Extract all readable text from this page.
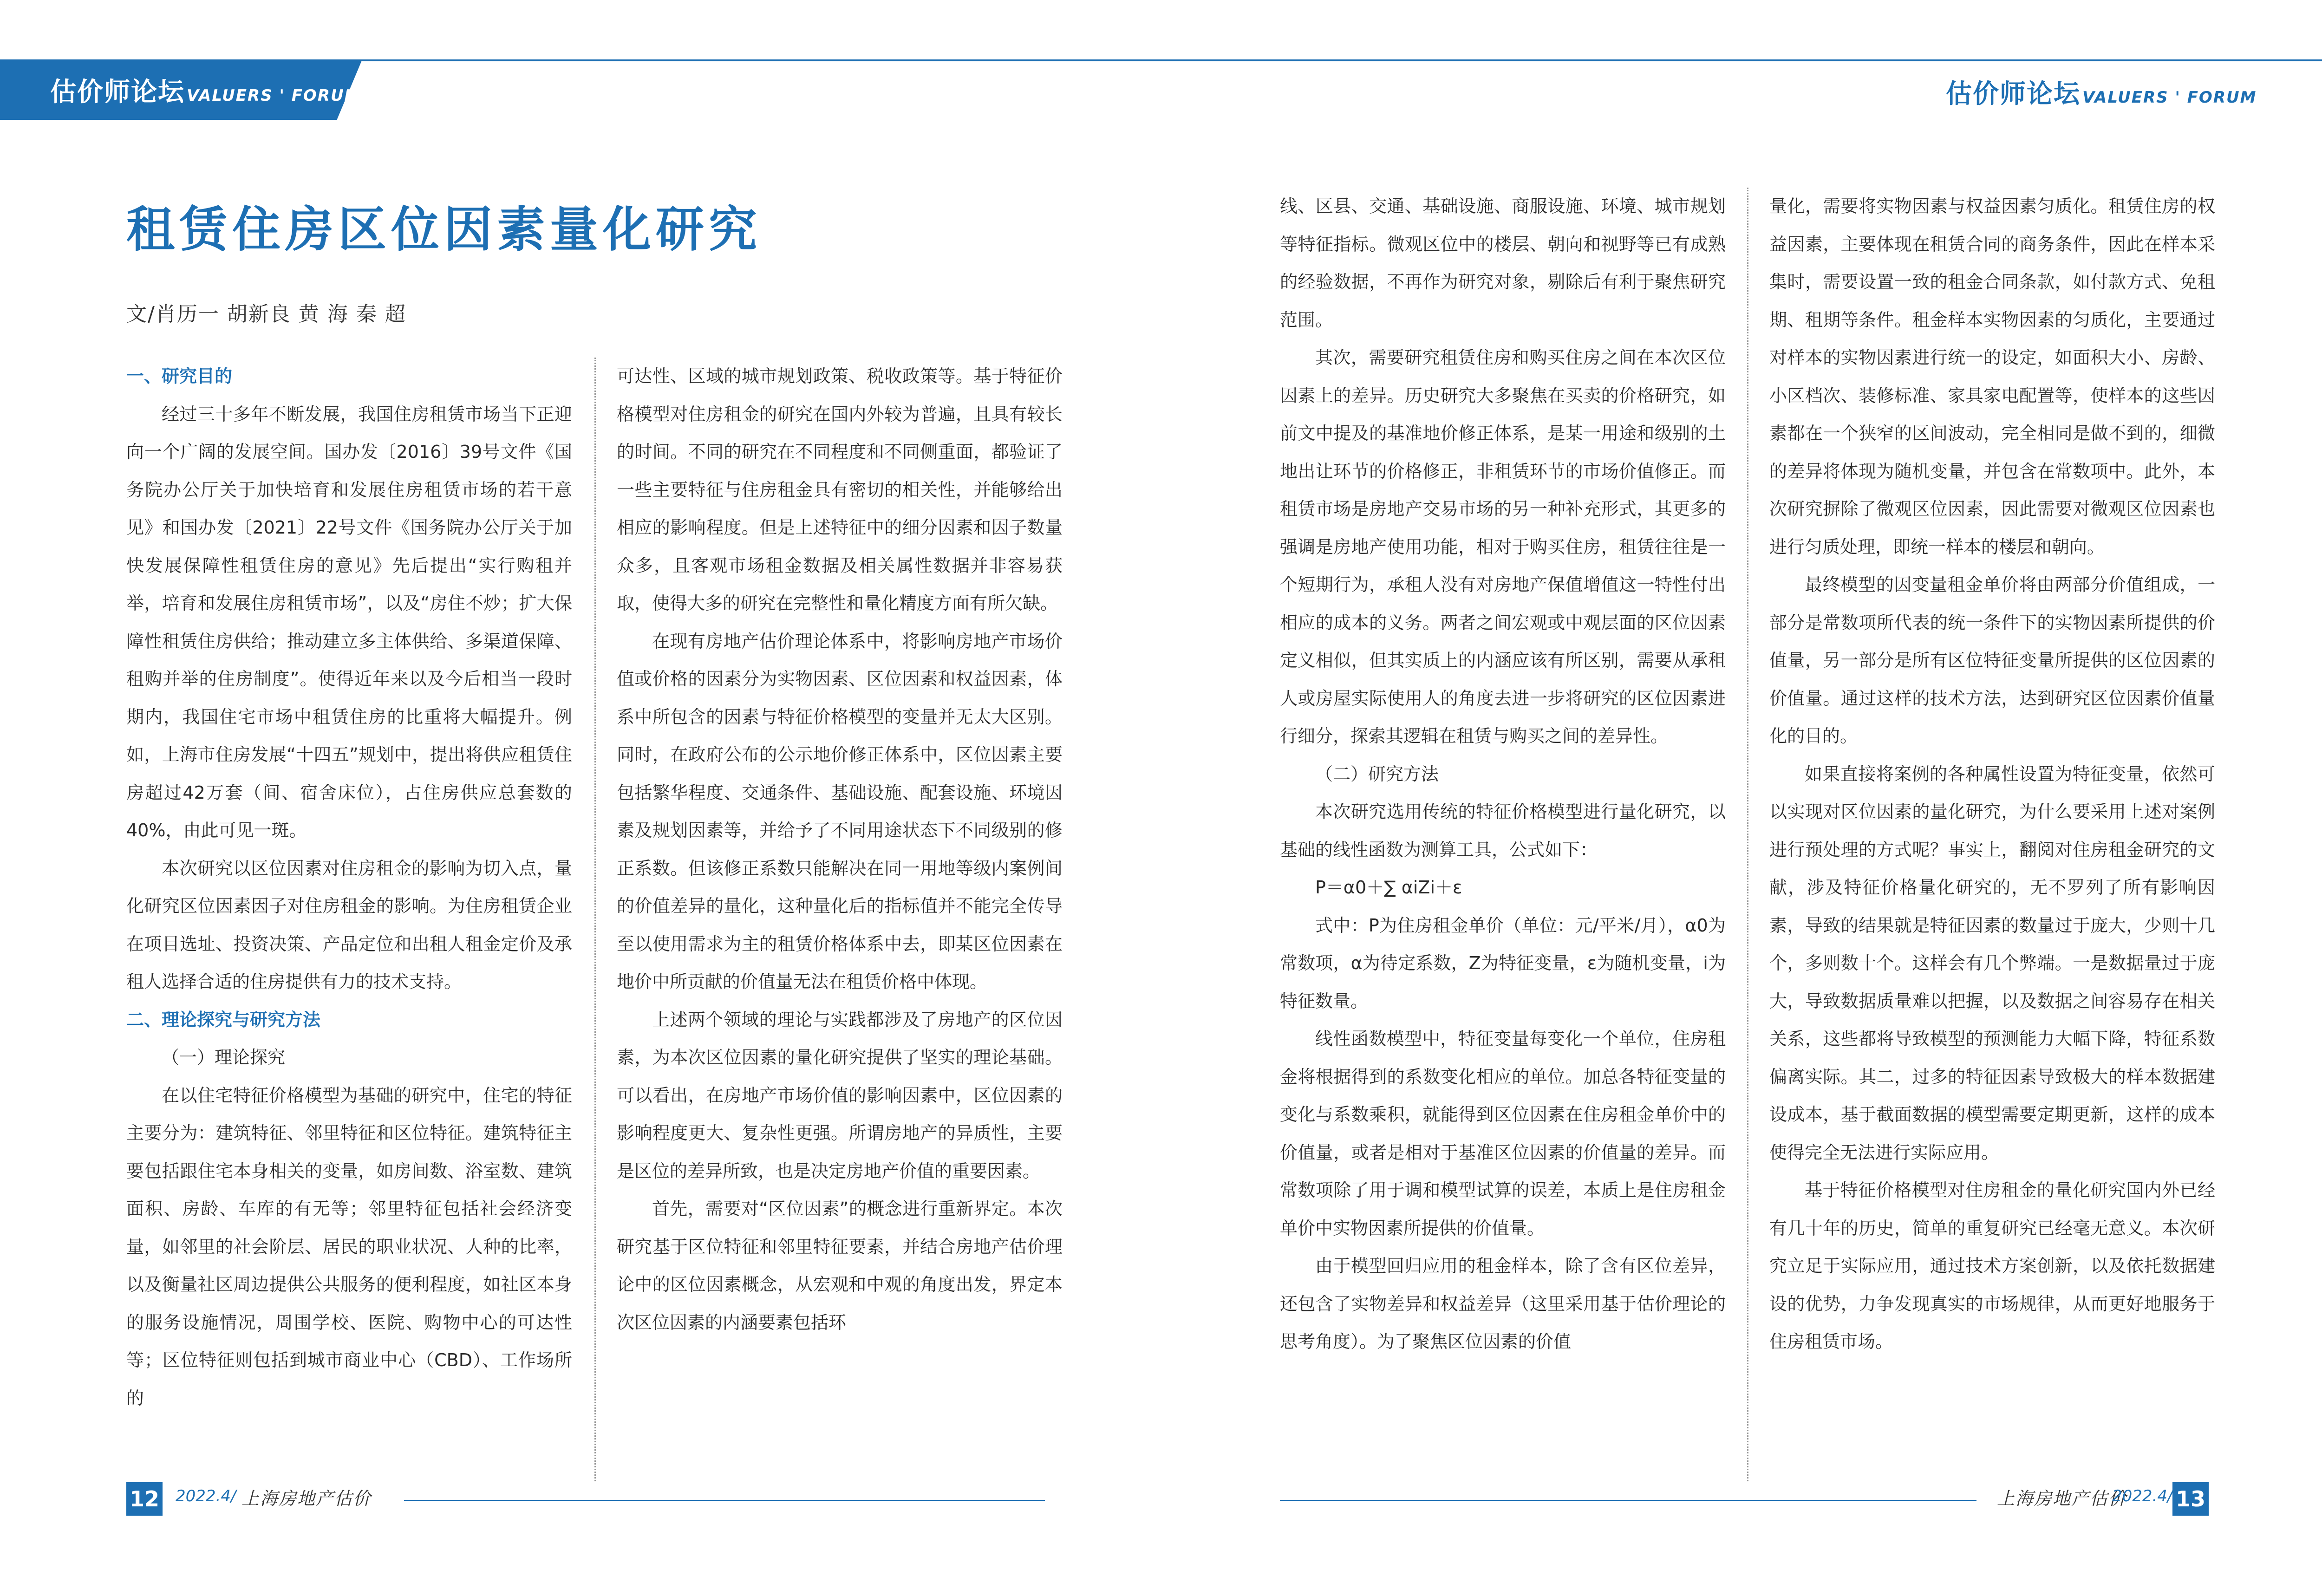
估价师论坛 VALUERS ' FORUM
租赁住房区位因素量化研究
文/肖历一 胡新良 黄 海 秦 超

一、研究目的

经过三十多年不断发展，我国住房租赁市场当下正迎向一个广阔的发展空间。国办发〔2016〕39号文件《国务院办公厅关于加快培育和发展住房租赁市场的若干意见》和国办发〔2021〕22号文件《国务院办公厅关于加快发展保障性租赁住房的意见》先后提出“实行购租并举，培育和发展住房租赁市场”，以及“房住不炒；扩大保障性租赁住房供给；推动建立多主体供给、多渠道保障、租购并举的住房制度”。使得近年来以及今后相当一段时期内，我国住宅市场中租赁住房的比重将大幅提升。例如，上海市住房发展“十四五”规划中，提出将供应租赁住房超过42万套（间、宿舍床位），占住房供应总套数的40%，由此可见一斑。

本次研究以区位因素对住房租金的影响为切入点，量化研究区位因素因子对住房租金的影响。为住房租赁企业在项目选址、投资决策、产品定位和出租人租金定价及承租人选择合适的住房提供有力的技术支持。

二、理论探究与研究方法

（一）理论探究

在以住宅特征价格模型为基础的研究中，住宅的特征主要分为：建筑特征、邻里特征和区位特征。建筑特征主要包括跟住宅本身相关的变量，如房间数、浴室数、建筑面积、房龄、车库的有无等；邻里特征包括社会经济变量，如邻里的社会阶层、居民的职业状况、人种的比率，以及衡量社区周边提供公共服务的便利程度，如社区本身的服务设施情况，周围学校、医院、购物中心的可达性等；区位特征则包括到城市商业中心（CBD）、工作场所的

可达性、区域的城市规划政策、税收政策等。基于特征价格模型对住房租金的研究在国内外较为普遍，且具有较长的时间。不同的研究在不同程度和不同侧重面，都验证了一些主要特征与住房租金具有密切的相关性，并能够给出相应的影响程度。但是上述特征中的细分因素和因子数量众多，且客观市场租金数据及相关属性数据并非容易获取，使得大多的研究在完整性和量化精度方面有所欠缺。

在现有房地产估价理论体系中，将影响房地产市场价值或价格的因素分为实物因素、区位因素和权益因素，体系中所包含的因素与特征价格模型的变量并无太大区别。同时，在政府公布的公示地价修正体系中，区位因素主要包括繁华程度、交通条件、基础设施、配套设施、环境因素及规划因素等，并给予了不同用途状态下不同级别的修正系数。但该修正系数只能解决在同一用地等级内案例间的价值差异的量化，这种量化后的指标值并不能完全传导至以使用需求为主的租赁价格体系中去，即某区位因素在地价中所贡献的价值量无法在租赁价格中体现。

上述两个领域的理论与实践都涉及了房地产的区位因素，为本次区位因素的量化研究提供了坚实的理论基础。可以看出，在房地产市场价值的影响因素中，区位因素的影响程度更大、复杂性更强。所谓房地产的异质性，主要是区位的差异所致，也是决定房地产价值的重要因素。

首先，需要对“区位因素”的概念进行重新界定。本次研究基于区位特征和邻里特征要素，并结合房地产估价理论中的区位因素概念，从宏观和中观的角度出发，界定本次区位因素的内涵要素包括环

12 2022.4/ 上海房地产估价
估价师论坛 VALUERS ' FORUM

线、区县、交通、基础设施、商服设施、环境、城市规划等特征指标。微观区位中的楼层、朝向和视野等已有成熟的经验数据，不再作为研究对象，剔除后有利于聚焦研究范围。

其次，需要研究租赁住房和购买住房之间在本次区位因素上的差异。历史研究大多聚焦在买卖的价格研究，如前文中提及的基准地价修正体系，是某一用途和级别的土地出让环节的价格修正，非租赁环节的市场价值修正。而租赁市场是房地产交易市场的另一种补充形式，其更多的强调是房地产使用功能，相对于购买住房，租赁往往是一个短期行为，承租人没有对房地产保值增值这一特性付出相应的成本的义务。两者之间宏观或中观层面的区位因素定义相似，但其实质上的内涵应该有所区别，需要从承租人或房屋实际使用人的角度去进一步将研究的区位因素进行细分，探索其逻辑在租赁与购买之间的差异性。

（二）研究方法

本次研究选用传统的特征价格模型进行量化研究，以基础的线性函数为测算工具，公式如下：

P＝α0＋∑ αiZi＋ε

式中：P为住房租金单价（单位：元/平米/月），α0为常数项，α为待定系数，Z为特征变量，ε为随机变量，i为特征数量。

线性函数模型中，特征变量每变化一个单位，住房租金将根据得到的系数变化相应的单位。加总各特征变量的变化与系数乘积，就能得到区位因素在住房租金单价中的价值量，或者是相对于基准区位因素的价值量的差异。而常数项除了用于调和模型试算的误差，本质上是住房租金单价中实物因素所提供的价值量。

由于模型回归应用的租金样本，除了含有区位差异，还包含了实物差异和权益差异（这里采用基于估价理论的思考角度）。为了聚焦区位因素的价值

量化，需要将实物因素与权益因素匀质化。租赁住房的权益因素，主要体现在租赁合同的商务条件，因此在样本采集时，需要设置一致的租金合同条款，如付款方式、免租期、租期等条件。租金样本实物因素的匀质化，主要通过对样本的实物因素进行统一的设定，如面积大小、房龄、小区档次、装修标准、家具家电配置等，使样本的这些因素都在一个狭窄的区间波动，完全相同是做不到的，细微的差异将体现为随机变量，并包含在常数项中。此外，本次研究摒除了微观区位因素，因此需要对微观区位因素也进行匀质处理，即统一样本的楼层和朝向。

最终模型的因变量租金单价将由两部分价值组成，一部分是常数项所代表的统一条件下的实物因素所提供的价值量，另一部分是所有区位特征变量所提供的区位因素的价值量。通过这样的技术方法，达到研究区位因素价值量化的目的。

如果直接将案例的各种属性设置为特征变量，依然可以实现对区位因素的量化研究，为什么要采用上述对案例进行预处理的方式呢？事实上，翻阅对住房租金研究的文献，涉及特征价格量化研究的，无不罗列了所有影响因素，导致的结果就是特征因素的数量过于庞大，少则十几个，多则数十个。这样会有几个弊端。一是数据量过于庞大，导致数据质量难以把握，以及数据之间容易存在相关关系，这些都将导致模型的预测能力大幅下降，特征系数偏离实际。其二，过多的特征因素导致极大的样本数据建设成本，基于截面数据的模型需要定期更新，这样的成本使得完全无法进行实际应用。

基于特征价格模型对住房租金的量化研究国内外已经有几十年的历史，简单的重复研究已经毫无意义。本次研究立足于实际应用，通过技术方案创新，以及依托数据建设的优势，力争发现真实的市场规律，从而更好地服务于住房租赁市场。

上海房地产估价
2022.4/ 13
